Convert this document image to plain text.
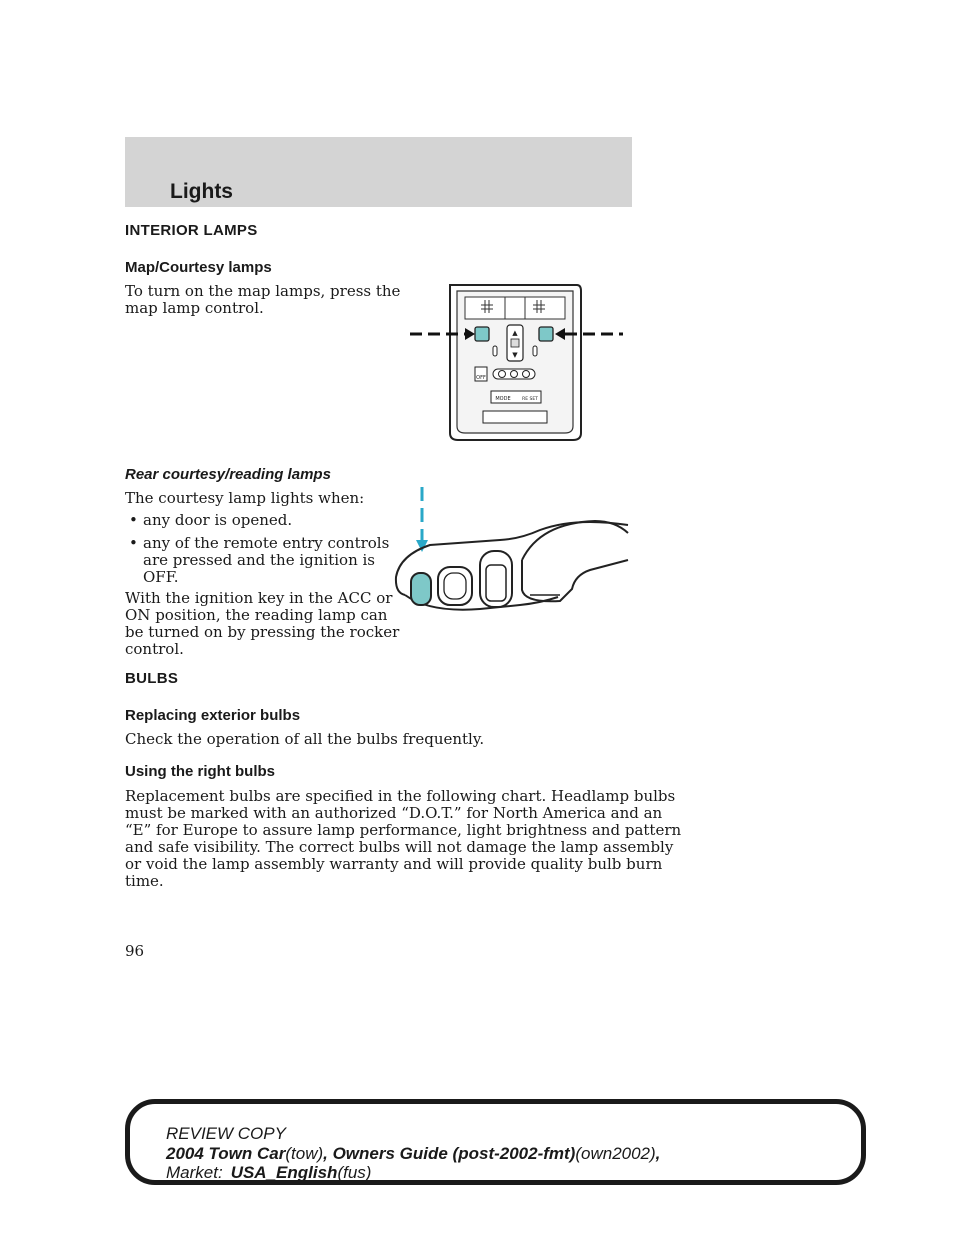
Lights
INTERIOR LAMPS
Map/Courtesy lamps
To turn on the map lamps, press the
map lamp control.
▲
▼
OFF
MODE	RE SET
Rear courtesy/reading lamps
The courtesy lamp lights when:
• any door is opened.
• any of the remote entry controls
are pressed and the ignition is
OFF.
With the ignition key in the ACC or
ON position, the reading lamp can
be turned on by pressing the rocker
control.
BULBS
Replacing exterior bulbs
Check the operation of all the bulbs frequently.
Using the right bulbs
Replacement bulbs are specified in the following chart. Headlamp bulbs
must be marked with an authorized “D.O.T.” for North America and an
“E” for Europe to assure lamp performance, light brightness and pattern
and safe visibility. The correct bulbs will not damage the lamp assembly
or void the lamp assembly warranty and will provide quality bulb burn
time.
96
REVIEW COPY
2004 Town Car(tow), Owners Guide (post-2002-fmt)(own2002),
Market: USA_English(fus)
